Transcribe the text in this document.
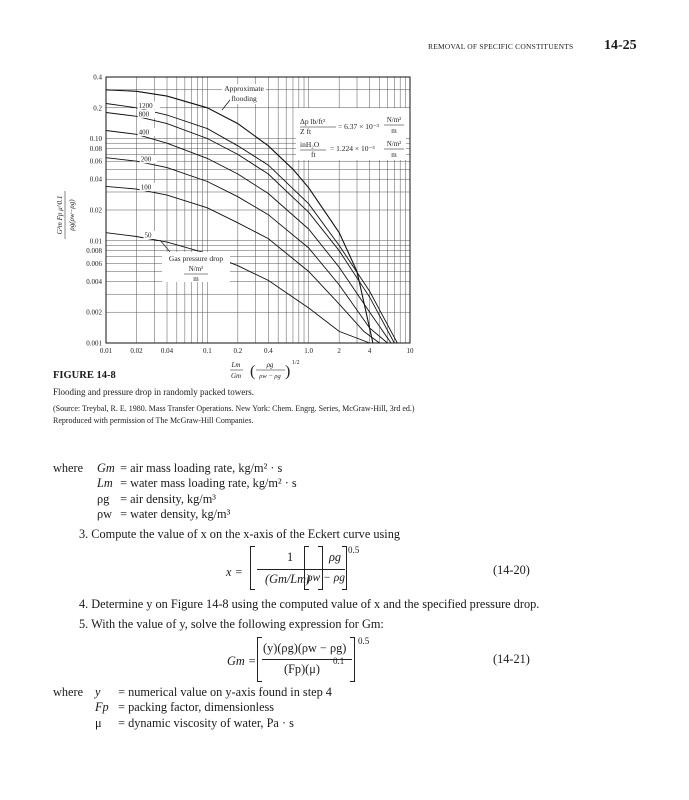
REMOVAL OF SPECIFIC CONSTITUENTS 14-25
0.01	0.02	0.04	0.1	0.2	0.4	1.0	2	4	10
0.001
0.002
0.004
0.006
0.008
0.01
0.02
0.04
0.06
0.08
0.10
0.2
0.4
1200
800
400
200
100
50
Approximate
flooding
Gas pressure drop
N/m²
m
Δp lb/ft²
Z ft
= 6.37 × 10⁻³
N/m²
m
inH₂O
ft
= 1.224 × 10⁻³ N/m²
m
Lm
Gm ( ρg
ρw − ρg ) 1/2
G²m Fp μ^0.1 ρg(ρw−ρg)
FIGURE 14-8
Flooding and pressure drop in randomly packed towers.
(Source: Treybal, R. E. 1980. Mass Transfer Operations. New York: Chem. Engrg. Series, McGraw-Hill, 3rd ed.)
Reproduced with permission of The McGraw-Hill Companies.
where Gm = air mass loading rate, kg/m² · s
Lm = water mass loading rate, kg/m² · s
ρg = air density, kg/m³
ρw = water density, kg/m³
3. Compute the value of x on the x-axis of the Eckert curve using
x =
1
(Gm/Lm)
ρg
ρw − ρg
0.5
(14-20)
4. Determine y on Figure 14-8 using the computed value of x and the specified pressure drop.
5. With the value of y, solve the following expression for Gm:
Gm =
(y)(ρg)(ρw − ρg)
(Fp)(μ)
0.1
0.5
(14-21)
where y = numerical value on y-axis found in step 4
Fp = packing factor, dimensionless
μ = dynamic viscosity of water, Pa · s
